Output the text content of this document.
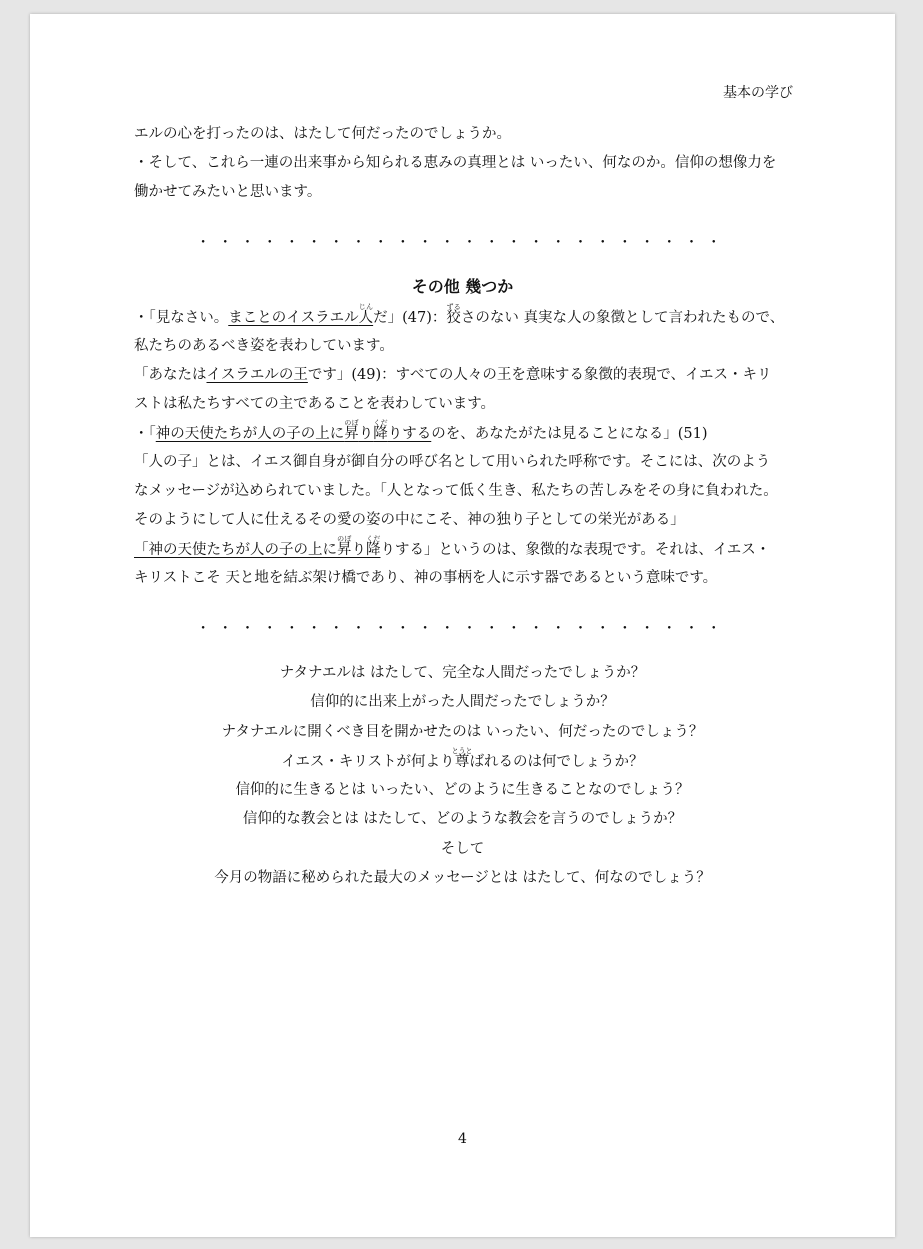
基本の学び
エルの心を打ったのは、はたして何だったのでしょうか。
・そして、これら一連の出来事から知られる恵みの真理とは いったい、何なのか。信仰の想像力を
働かせてみたいと思います。
・・・・・・・・・・・・・・・・・・・・・・・・
その他 幾つか
・「見なさい。まことのイスラエル人じんだ」(47)：狡ずるさのない 真実な人の象徴として言われたもので、
私たちのあるべき姿を表わしています。
「あなたはイスラエルの王です」(49)：すべての人々の王を意味する象徴的表現で、イエス・キリ
ストは私たちすべての主であることを表わしています。
・「神の天使たちが人の子の上に昇のぼり降くだりするのを、あなたがたは見ることになる」(51)
「人の子」とは、イエス御自身が御自分の呼び名として用いられた呼称です。そこには、次のよう
なメッセージが込められていました。「人となって低く生き、私たちの苦しみをその身に負われた。
そのようにして人に仕えるその愛の姿の中にこそ、神の独り子としての栄光がある」
「神の天使たちが人の子の上に昇のぼり降くだりする」というのは、象徴的な表現です。それは、イエス・
キリストこそ 天と地を結ぶ架け橋であり、神の事柄を人に示す器であるという意味です。
・・・・・・・・・・・・・・・・・・・・・・・・
ナタナエルは はたして、完全な人間だったでしょうか？
信仰的に出来上がった人間だったでしょうか？
ナタナエルに開くべき目を開かせたのは いったい、何だったのでしょう？
イエス・キリストが何より尊とうとばれるのは何でしょうか？
信仰的に生きるとは いったい、どのように生きることなのでしょう？
信仰的な教会とは はたして、どのような教会を言うのでしょうか？
そして
今月の物語に秘められた最大のメッセージとは はたして、何なのでしょう？
4
